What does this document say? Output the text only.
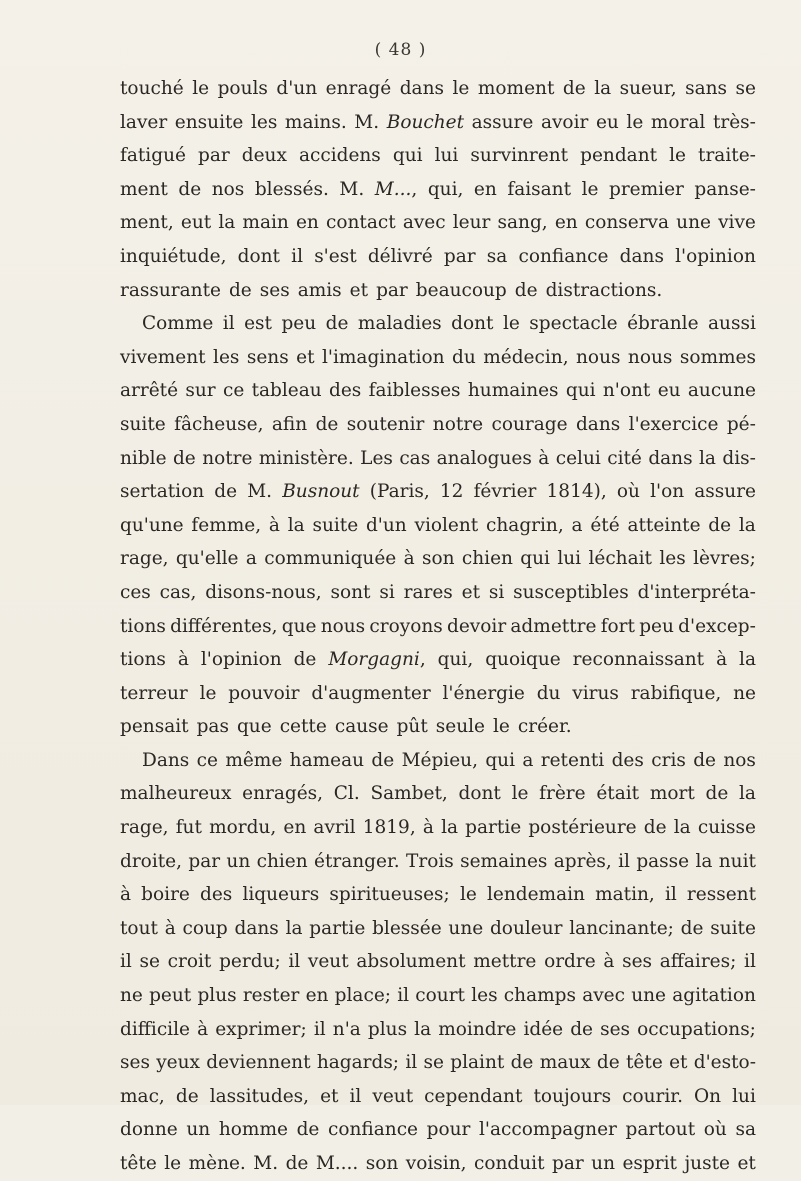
( 48 )
touché le pouls d'un enragé dans le moment de la sueur, sans se
laver ensuite les mains. M. Bouchet assure avoir eu le moral très-
fatigué par deux accidens qui lui survinrent pendant le traite-
ment de nos blessés. M. M..., qui, en faisant le premier panse-
ment, eut la main en contact avec leur sang, en conserva une vive
inquiétude, dont il s'est délivré par sa confiance dans l'opinion
rassurante de ses amis et par beaucoup de distractions.
Comme il est peu de maladies dont le spectacle ébranle aussi
vivement les sens et l'imagination du médecin, nous nous sommes
arrêté sur ce tableau des faiblesses humaines qui n'ont eu aucune
suite fâcheuse, afin de soutenir notre courage dans l'exercice pé-
nible de notre ministère. Les cas analogues à celui cité dans la dis-
sertation de M. Busnout (Paris, 12 février 1814), où l'on assure
qu'une femme, à la suite d'un violent chagrin, a été atteinte de la
rage, qu'elle a communiquée à son chien qui lui léchait les lèvres;
ces cas, disons-nous, sont si rares et si susceptibles d'interpréta-
tions différentes, que nous croyons devoir admettre fort peu d'excep-
tions à l'opinion de Morgagni, qui, quoique reconnaissant à la
terreur le pouvoir d'augmenter l'énergie du virus rabifique, ne
pensait pas que cette cause pût seule le créer.
Dans ce même hameau de Mépieu, qui a retenti des cris de nos
malheureux enragés, Cl. Sambet, dont le frère était mort de la
rage, fut mordu, en avril 1819, à la partie postérieure de la cuisse
droite, par un chien étranger. Trois semaines après, il passe la nuit
à boire des liqueurs spiritueuses; le lendemain matin, il ressent
tout à coup dans la partie blessée une douleur lancinante; de suite
il se croit perdu; il veut absolument mettre ordre à ses affaires; il
ne peut plus rester en place; il court les champs avec une agitation
difficile à exprimer; il n'a plus la moindre idée de ses occupations;
ses yeux deviennent hagards; il se plaint de maux de tête et d'esto-
mac, de lassitudes, et il veut cependant toujours courir. On lui
donne un homme de confiance pour l'accompagner partout où sa
tête le mène. M. de M.... son voisin, conduit par un esprit juste et
